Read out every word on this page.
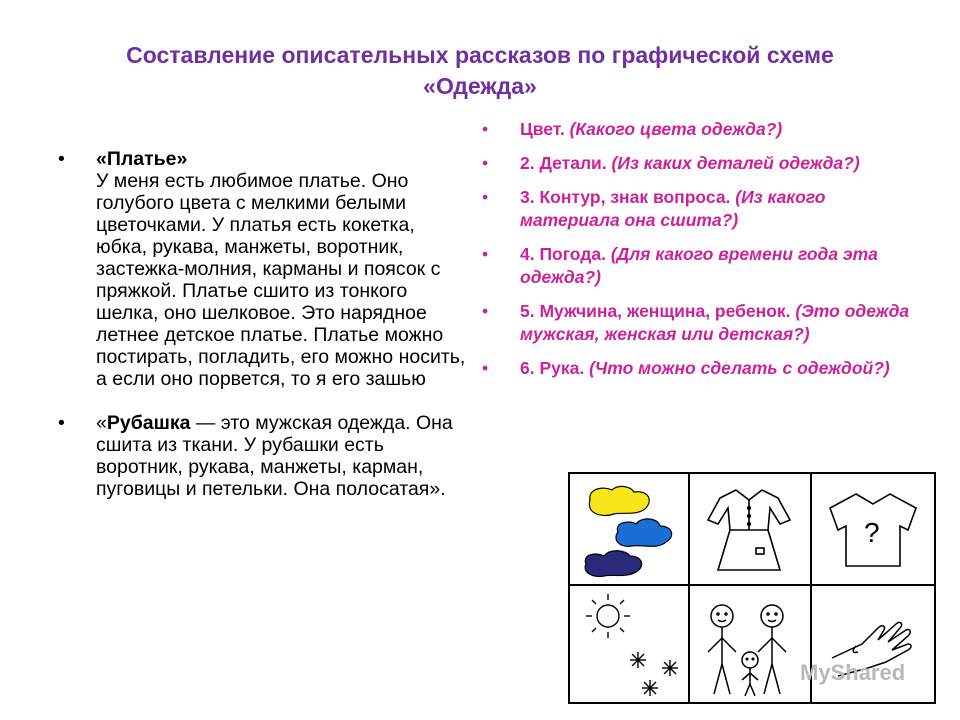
Составление описательных рассказов по графической схеме
«Одежда»
• «Платье»
У меня есть любимое платье. Оно голубого цвета с мелкими белыми цветочками. У платья есть кокетка, юбка, рукава, манжеты, воротник, застежка-молния, карманы и поясок с пряжкой. Платье сшито из тонкого шелка, оно шелковое. Это нарядное летнее детское платье. Платье можно постирать, погладить, его можно носить, а если оно порвется, то я его зашью
• «Рубашка — это мужская одежда. Она сшита из ткани. У рубашки есть воротник, рукава, манжеты, карман, пуговицы и петельки. Она полосатая».
• Цвет. (Какого цвета одежда?)
• 2. Детали. (Из каких деталей одежда?)
• 3. Контур, знак вопроса. (Из какого материала она сшита?)
• 4. Погода. (Для какого времени года эта одежда?)
• 5. Мужчина, женщина, ребенок. (Это одежда мужская, женская или детская?)
• 6. Рука. (Что можно сделать с одеждой?)
?
MyShared
